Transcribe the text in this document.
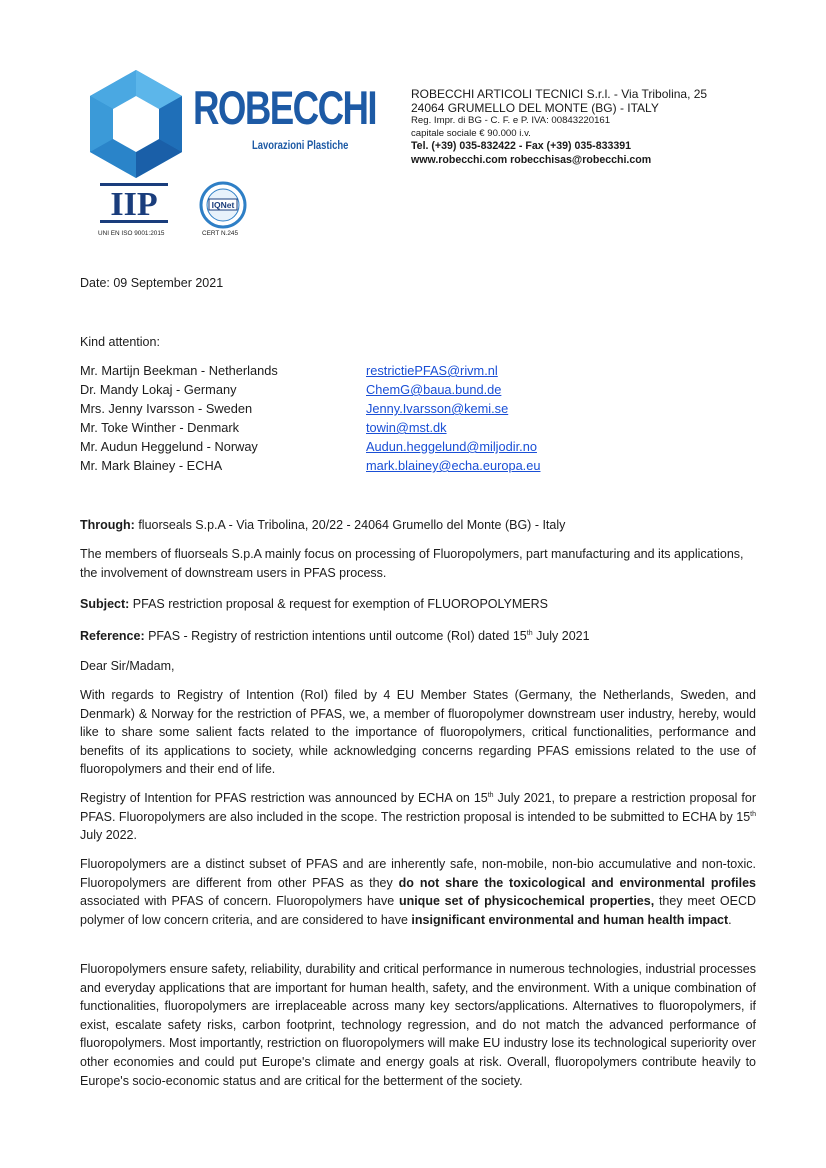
ROBECCHI
Lavorazioni Plastiche
ROBECCHI ARTICOLI TECNICI S.r.l. - Via Tribolina, 25
24064 GRUMELLO DEL MONTE (BG) - ITALY
Reg. Impr. di BG - C. F. e P. IVA: 00843220161
capitale sociale € 90.000 i.v.
Tel. (+39) 035-832422 - Fax (+39) 035-833391
www.robecchi.com robecchisas@robecchi.com
IIP
UNI EN ISO 9001:2015
IQNet
CERT N.245
Date: 09 September 2021
Kind attention:
Mr. Martijn Beekman - Netherlands	restrictiePFAS@rivm.nl
Dr. Mandy Lokaj - Germany	ChemG@baua.bund.de
Mrs. Jenny Ivarsson - Sweden	Jenny.Ivarsson@kemi.se
Mr. Toke Winther - Denmark	towin@mst.dk
Mr. Audun Heggelund - Norway	Audun.heggelund@miljodir.no
Mr. Mark Blainey - ECHA	mark.blainey@echa.europa.eu
Through: fluorseals S.p.A - Via Tribolina, 20/22 - 24064 Grumello del Monte (BG) - Italy

The members of fluorseals S.p.A mainly focus on processing of Fluoropolymers, part manufacturing and its applications, the involvement of downstream users in PFAS process.

Subject: PFAS restriction proposal & request for exemption of FLUOROPOLYMERS
Reference: PFAS - Registry of restriction intentions until outcome (RoI) dated 15th July 2021
Dear Sir/Madam,

With regards to Registry of Intention (RoI) filed by 4 EU Member States (Germany, the Netherlands, Sweden, and Denmark) & Norway for the restriction of PFAS, we, a member of fluoropolymer downstream user industry, hereby, would like to share some salient facts related to the importance of fluoropolymers, critical functionalities, performance and benefits of its applications to society, while acknowledging concerns regarding PFAS emissions related to the use of fluoropolymers and their end of life.

Registry of Intention for PFAS restriction was announced by ECHA on 15th July 2021, to prepare a restriction proposal for PFAS. Fluoropolymers are also included in the scope. The restriction proposal is intended to be submitted to ECHA by 15th July 2022.

Fluoropolymers are a distinct subset of PFAS and are inherently safe, non-mobile, non-bio accumulative and non-toxic. Fluoropolymers are different from other PFAS as they do not share the toxicological and environmental profiles associated with PFAS of concern. Fluoropolymers have unique set of physicochemical properties, they meet OECD polymer of low concern criteria, and are considered to have insignificant environmental and human health impact.

Fluoropolymers ensure safety, reliability, durability and critical performance in numerous technologies, industrial processes and everyday applications that are important for human health, safety, and the environment. With a unique combination of functionalities, fluoropolymers are irreplaceable across many key sectors/applications. Alternatives to fluoropolymers, if exist, escalate safety risks, carbon footprint, technology regression, and do not match the advanced performance of fluoropolymers. Most importantly, restriction on fluoropolymers will make EU industry lose its technological superiority over other economies and could put Europe's climate and energy goals at risk. Overall, fluoropolymers contribute heavily to Europe's socio-economic status and are critical for the betterment of the society.
